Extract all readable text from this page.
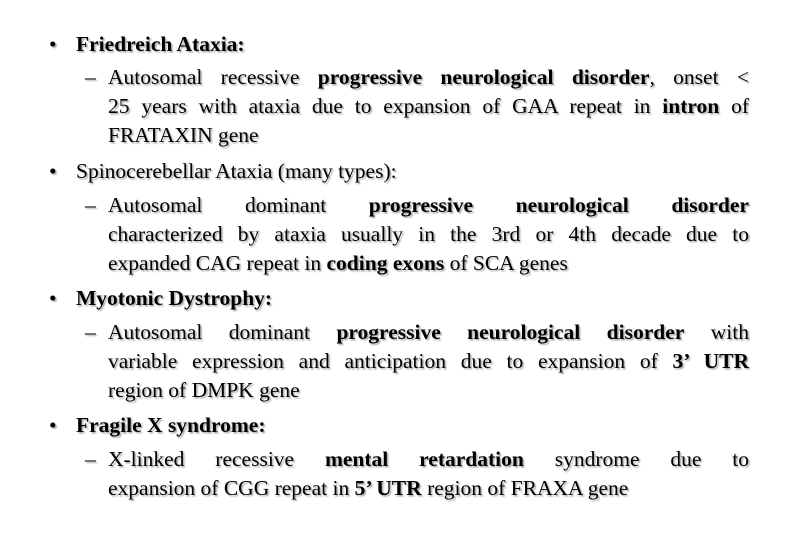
• Friedreich Ataxia:
– Autosomal recessive progressive neurological disorder, onset <
25 years with ataxia due to expansion of GAA repeat in intron of
FRATAXIN gene
• Spinocerebellar Ataxia (many types):
– Autosomal dominant progressive neurological disorder
characterized by ataxia usually in the 3rd or 4th decade due to
expanded CAG repeat in coding exons of SCA genes
• Myotonic Dystrophy:
– Autosomal dominant progressive neurological disorder with
variable expression and anticipation due to expansion of 3’ UTR
region of DMPK gene
• Fragile X syndrome:
– X-linked recessive mental retardation syndrome due to
expansion of CGG repeat in 5’ UTR region of FRAXA gene
